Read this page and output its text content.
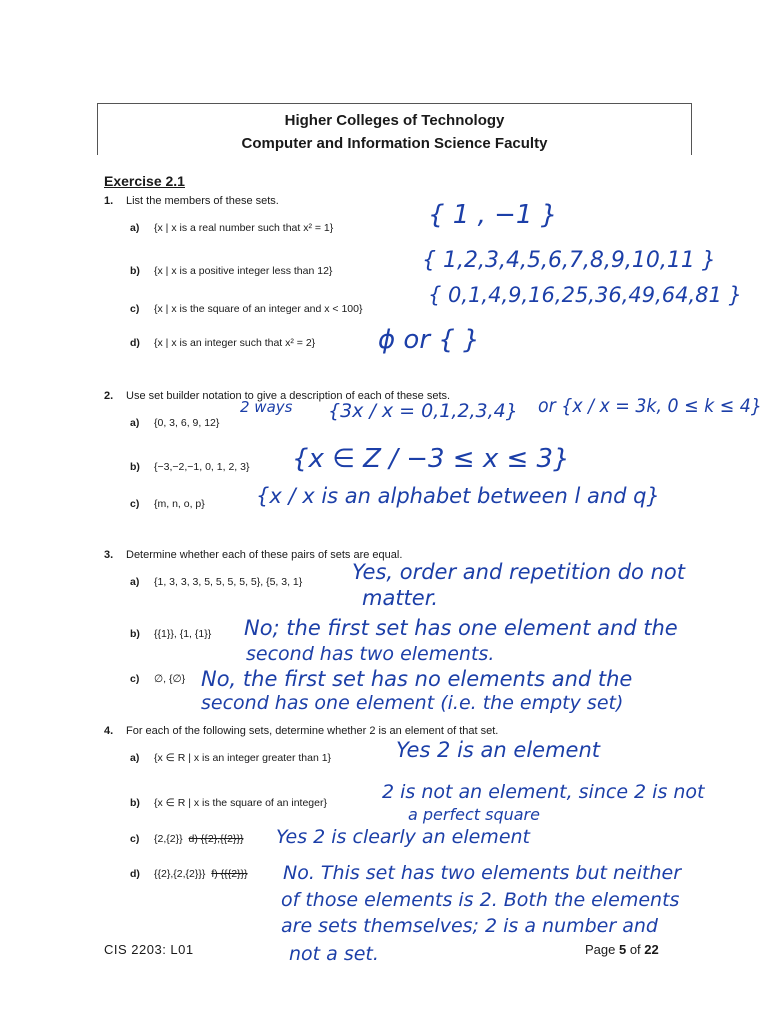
Higher Colleges of Technology
Computer and Information Science Faculty
Exercise 2.1
1. List the members of these sets.
a) {x | x is a real number such that x² = 1}	{ 1 , −1 }
b) {x | x is a positive integer less than 12}	{ 1,2,3,4,5,6,7,8,9,10,11 }
c) {x | x is the square of an integer and x < 100}
{ 0,1,4,9,16,25,36,49,64,81 }
d) {x | x is an integer such that x² = 2} ϕ or { }
2. Use set builder notation to give a description of each of these sets.
a) {0, 3, 6, 9, 12}
2 ways {3x / x = 0,1,2,3,4} or {x / x = 3k, 0 ≤ k ≤ 4}
b) {−3,−2,−1, 0, 1, 2, 3} {x ∈ Z / −3 ≤ x ≤ 3}
c) {m, n, o, p} {x / x is an alphabet between l and q}
3. Determine whether each of these pairs of sets are equal.
a) {1, 3, 3, 3, 5, 5, 5, 5, 5}, {5, 3, 1} Yes, order and repetition do not
matter.
b) {{1}}, {1, {1}} No; the first set has one element and the
second has two elements.
c) ∅, {∅} No, the first set has no elements and the
second has one element (i.e. the empty set)
4. For each of the following sets, determine whether 2 is an element of that set.
a) {x ∈ R | x is an integer greater than 1}	Yes 2 is an element
b) {x ∈ R | x is the square of an integer}	2 is not an element, since 2 is not
a perfect square
c) {2,{2}} d) {{2},{{2}}} Yes 2 is clearly an element
d) {{2},{2,{2}}} f) {{{2}}} No. This set has two elements but neither
of those elements is 2. Both the elements
are sets themselves; 2 is a number and
not a set.
CIS 2203: L01	Page 5 of 22
